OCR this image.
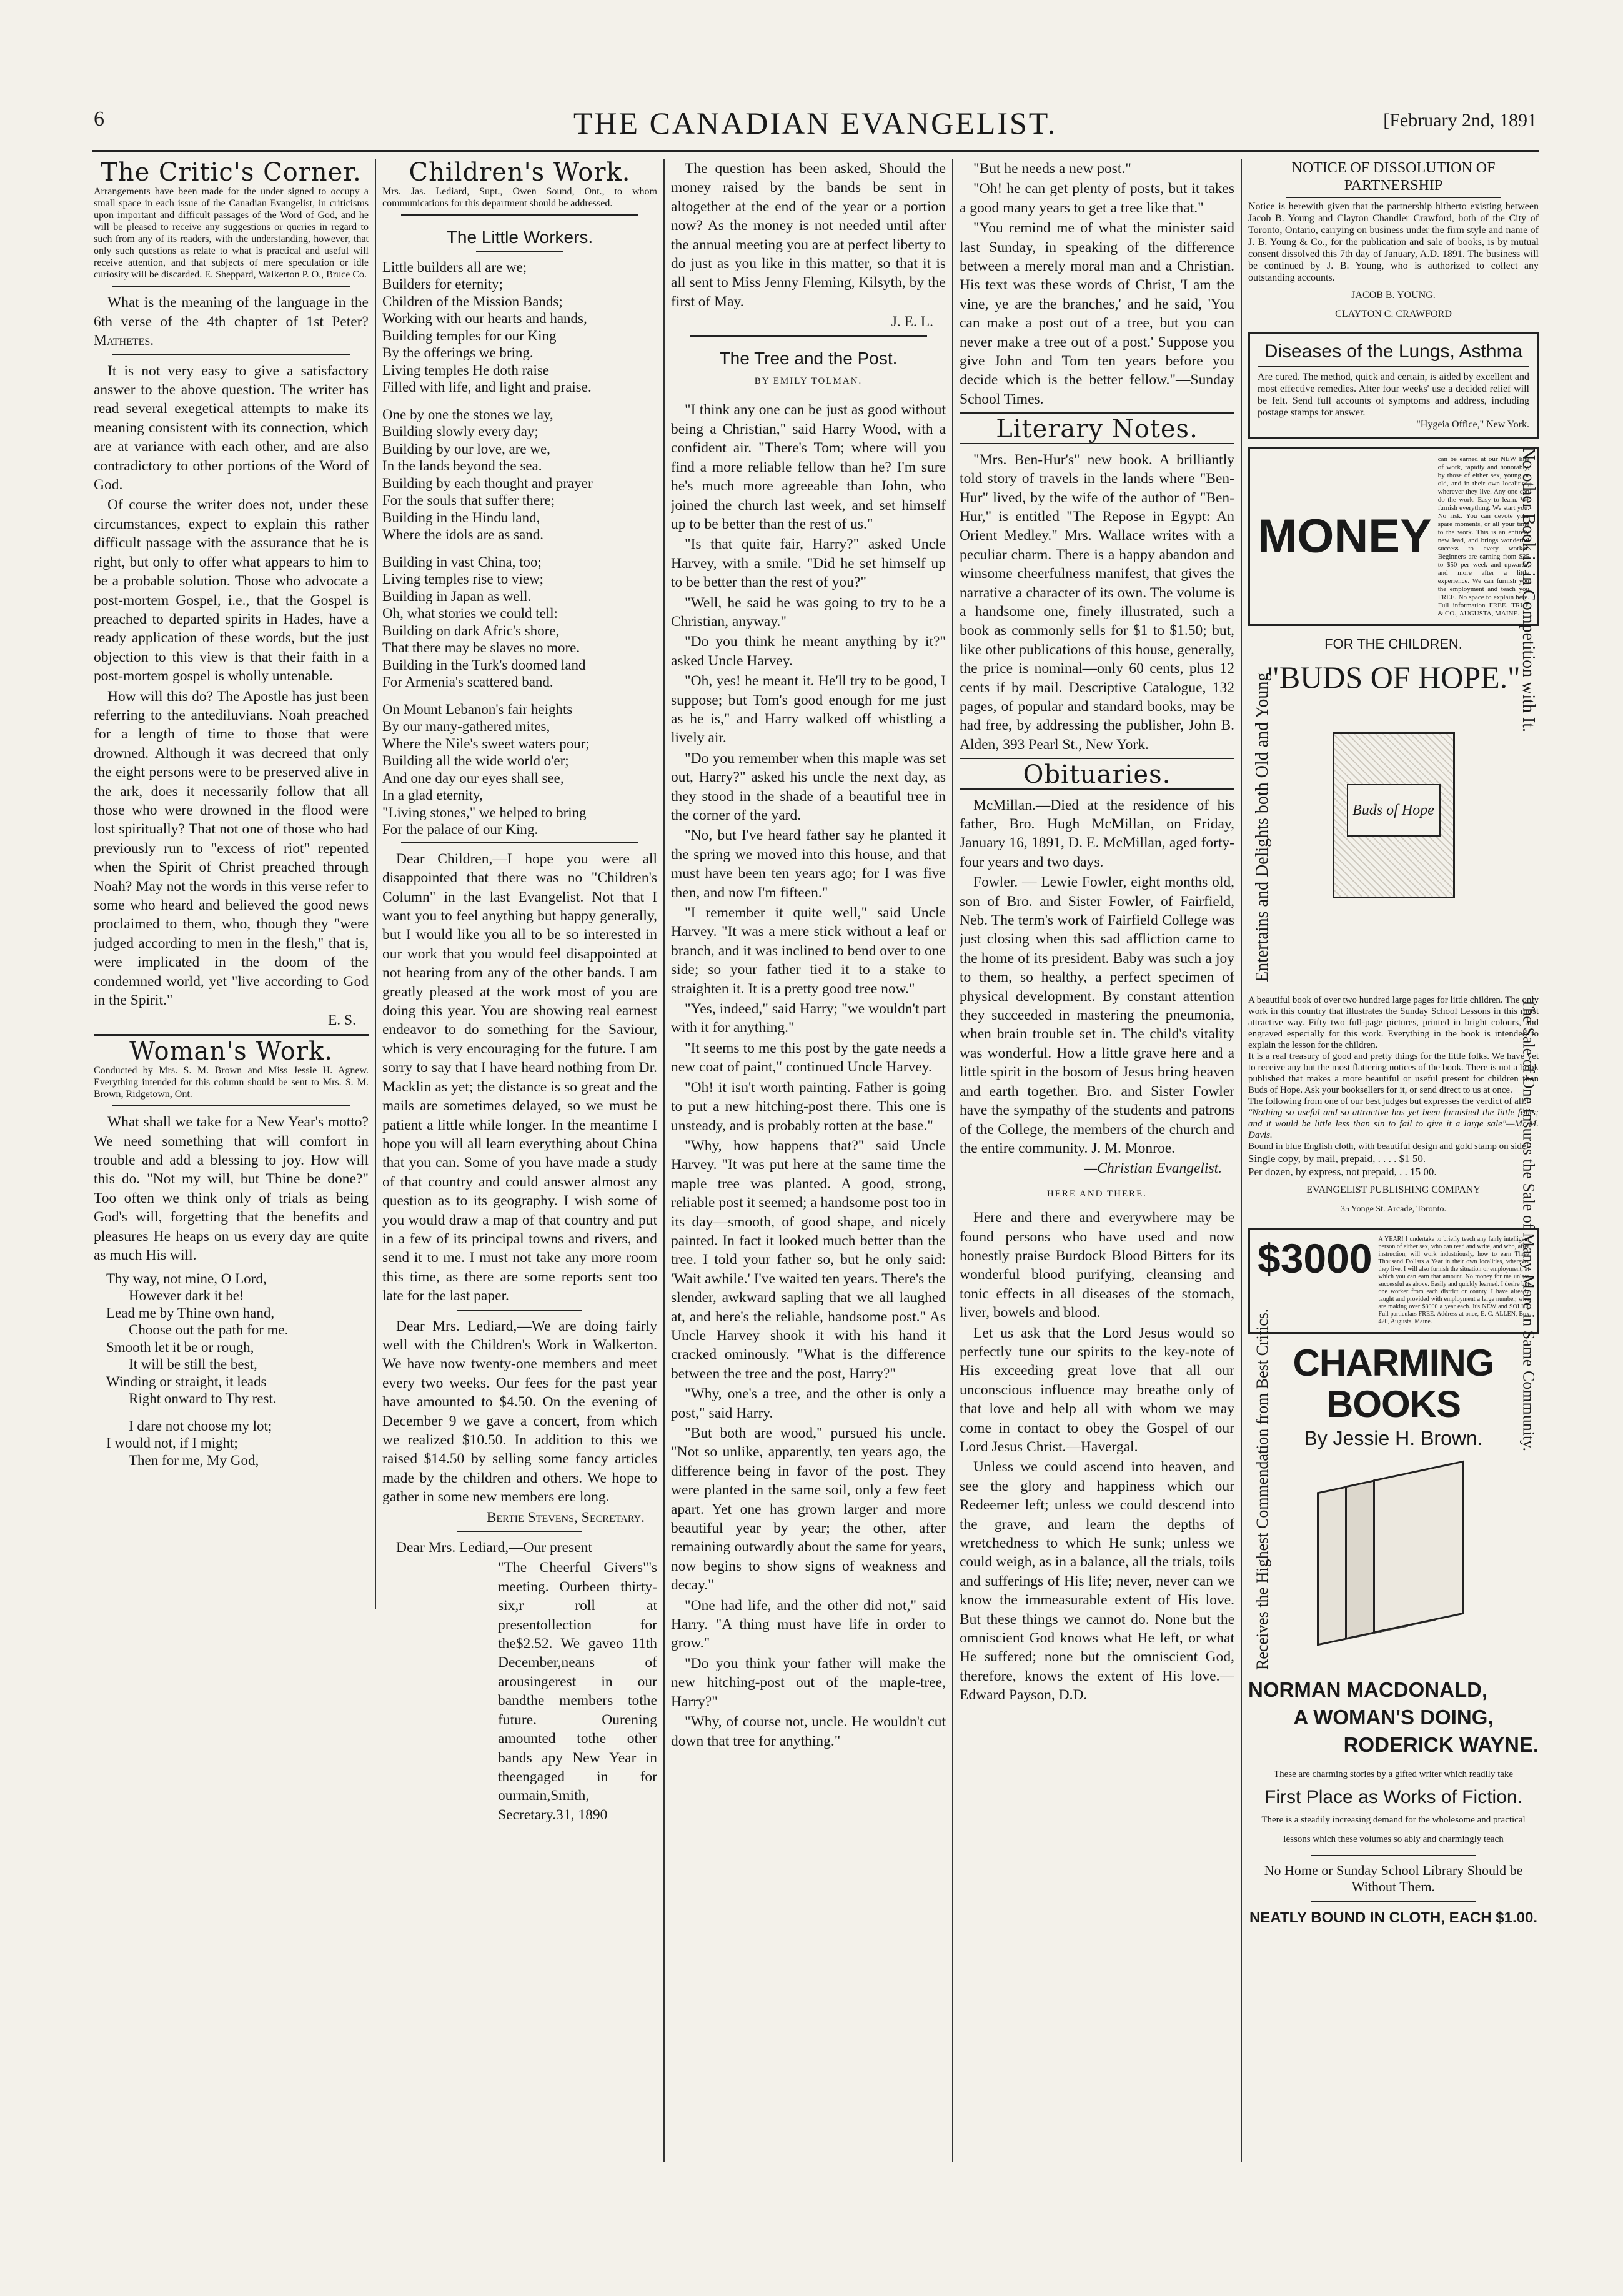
6	THE CANADIAN EVANGELIST.	[February 2nd, 1891
The Critic's Corner.
Arrangements have been made for the under signed to occupy a small space in each issue of the Canadian Evangelist, in criticisms upon important and difficult passages of the Word of God, and he will be pleased to receive any suggestions or queries in regard to such from any of its readers, with the understanding, however, that only such questions as relate to what is practical and useful will receive attention, and that subjects of mere speculation or idle curiosity will be discarded. E. Sheppard, Walkerton P. O., Bruce Co.

What is the meaning of the language in the 6th verse of the 4th chapter of 1st Peter? Mathetes.

It is not very easy to give a satisfactory answer to the above question. The writer has read several exegetical attempts to make its meaning consistent with its connection, which are at variance with each other, and are also contradictory to other portions of the Word of God.

Of course the writer does not, under these circumstances, expect to explain this rather difficult passage with the assurance that he is right, but only to offer what appears to him to be a probable solution. Those who advocate a post-mortem Gospel, i.e., that the Gospel is preached to departed spirits in Hades, have a ready application of these words, but the just objection to this view is that their faith in a post-mortem gospel is wholly untenable.

How will this do? The Apostle has just been referring to the antediluvians. Noah preached for a length of time to those that were drowned. Although it was decreed that only the eight persons were to be preserved alive in the ark, does it necessarily follow that all those who were drowned in the flood were lost spiritually? That not one of those who had previously run to "excess of riot" repented when the Spirit of Christ preached through Noah? May not the words in this verse refer to some who heard and believed the good news proclaimed to them, who, though they "were judged according to men in the flesh," that is, were implicated in the doom of the condemned world, yet "live according to God in the Spirit."

E. S.
Woman's Work.
Conducted by Mrs. S. M. Brown and Miss Jessie H. Agnew. Everything intended for this column should be sent to Mrs. S. M. Brown, Ridgetown, Ont.

What shall we take for a New Year's motto? We need something that will comfort in trouble and add a blessing to joy. How will this do. "Not my will, but Thine be done?" Too often we think only of trials as being God's will, forgetting that the benefits and pleasures He heaps on us every day are quite as much His will.

Thy way, not mine, O Lord,
However dark it be!
Lead me by Thine own hand,
Choose out the path for me.
Smooth let it be or rough,
It will be still the best,
Winding or straight, it leads
Right onward to Thy rest.
I dare not choose my lot;
I would not, if I might;
Then for me, My God,
Children's Work.
Mrs. Jas. Lediard, Supt., Owen Sound, Ont., to whom communications for this department should be addressed.
The Little Workers.
Little builders all are we;
Builders for eternity;
Children of the Mission Bands;
Working with our hearts and hands,
Building temples for our King
By the offerings we bring.
Living temples He doth raise
Filled with life, and light and praise.
One by one the stones we lay,
Building slowly every day;
Building by our love, are we,
In the lands beyond the sea.
Building by each thought and prayer
For the souls that suffer there;
Building in the Hindu land,
Where the idols are as sand.
Building in vast China, too;
Living temples rise to view;
Building in Japan as well.
Oh, what stories we could tell:
Building on dark Afric's shore,
That there may be slaves no more.
Building in the Turk's doomed land
For Armenia's scattered band.
On Mount Lebanon's fair heights
By our many-gathered mites,
Where the Nile's sweet waters pour;
Building all the wide world o'er;
And one day our eyes shall see,
In a glad eternity,
"Living stones," we helped to bring
For the palace of our King.

Dear Children,—I hope you were all disappointed that there was no "Children's Column" in the last Evangelist. Not that I want you to feel anything but happy generally, but I would like you all to be so interested in our work that you would feel disappointed at not hearing from any of the other bands. I am greatly pleased at the work most of you are doing this year. You are showing real earnest endeavor to do something for the Saviour, which is very encouraging for the future. I am sorry to say that I have heard nothing from Dr. Macklin as yet; the distance is so great and the mails are sometimes delayed, so we must be patient a little while longer. In the meantime I hope you will all learn everything about China that you can. Some of you have made a study of that country and could answer almost any question as to its geography. I wish some of you would draw a map of that country and put in a few of its principal towns and rivers, and send it to me. I must not take any more room this time, as there are some reports sent too late for the last paper.

Dear Mrs. Lediard,—We are doing fairly well with the Children's Work in Walkerton. We have now twenty-one members and meet every two weeks. Our fees for the past year have amounted to $4.50. On the evening of December 9 we gave a concert, from which we realized $10.50. In addition to this we raised $14.50 by selling some fancy articles made by the children and others. We hope to gather in some new members ere long.

Bertie Stevens, Secretary.

Dear Mrs. Lediard,—Our present

"The Cheerful Givers"'s meeting. Ourbeen thirty-six,r roll at presentollection for the$2.52. We gaveo 11th December,neans of arousingerest in our bandthe members tothe future. Ourening amounted tothe other bands apy New Year in theengaged in for ourmain,Smith, Secretary.31, 1890

The question has been asked, Should the money raised by the bands be sent in altogether at the end of the year or a portion now? As the money is not needed until after the annual meeting you are at perfect liberty to do just as you like in this matter, so that it is all sent to Miss Jenny Fleming, Kilsyth, by the first of May.

J. E. L.
The Tree and the Post.
BY EMILY TOLMAN.

"I think any one can be just as good without being a Christian," said Harry Wood, with a confident air. "There's Tom; where will you find a more reliable fellow than he? I'm sure he's much more agreeable than John, who joined the church last week, and set himself up to be better than the rest of us."

"Is that quite fair, Harry?" asked Uncle Harvey, with a smile. "Did he set himself up to be better than the rest of you?"

"Well, he said he was going to try to be a Christian, anyway."

"Do you think he meant anything by it?" asked Uncle Harvey.

"Oh, yes! he meant it. He'll try to be good, I suppose; but Tom's good enough for me just as he is," and Harry walked off whistling a lively air.

"Do you remember when this maple was set out, Harry?" asked his uncle the next day, as they stood in the shade of a beautiful tree in the corner of the yard.

"No, but I've heard father say he planted it the spring we moved into this house, and that must have been ten years ago; for I was five then, and now I'm fifteen."

"I remember it quite well," said Uncle Harvey. "It was a mere stick without a leaf or branch, and it was inclined to bend over to one side; so your father tied it to a stake to straighten it. It is a pretty good tree now."

"Yes, indeed," said Harry; "we wouldn't part with it for anything."

"It seems to me this post by the gate needs a new coat of paint," continued Uncle Harvey.

"Oh! it isn't worth painting. Father is going to put a new hitching-post there. This one is unsteady, and is probably rotten at the base."

"Why, how happens that?" said Uncle Harvey. "It was put here at the same time the maple tree was planted. A good, strong, reliable post it seemed; a handsome post too in its day—smooth, of good shape, and nicely painted. In fact it looked much better than the tree. I told your father so, but he only said: 'Wait awhile.' I've waited ten years. There's the slender, awkward sapling that we all laughed at, and here's the reliable, handsome post." As Uncle Harvey shook it with his hand it cracked ominously. "What is the difference between the tree and the post, Harry?"

"Why, one's a tree, and the other is only a post," said Harry.

"But both are wood," pursued his uncle. "Not so unlike, apparently, ten years ago, the difference being in favor of the post. They were planted in the same soil, only a few feet apart. Yet one has grown larger and more beautiful year by year; the other, after remaining outwardly about the same for years, now begins to show signs of weakness and decay."

"One had life, and the other did not," said Harry. "A thing must have life in order to grow."

"Do you think your father will make the new hitching-post out of the maple-tree, Harry?"

"Why, of course not, uncle. He wouldn't cut down that tree for anything."

"But he needs a new post."

"Oh! he can get plenty of posts, but it takes a good many years to get a tree like that."

"You remind me of what the minister said last Sunday, in speaking of the difference between a merely moral man and a Christian. His text was these words of Christ, 'I am the vine, ye are the branches,' and he said, 'You can make a post out of a tree, but you can never make a tree out of a post.' Suppose you give John and Tom ten years before you decide which is the better fellow."—Sunday School Times.

Literary Notes.

"Mrs. Ben-Hur's" new book. A brilliantly told story of travels in the lands where "Ben-Hur" lived, by the wife of the author of "Ben-Hur," is entitled "The Repose in Egypt: An Orient Medley." Mrs. Wallace writes with a peculiar charm. There is a happy abandon and winsome cheerfulness manifest, that gives the narrative a character of its own. The volume is a handsome one, finely illustrated, such a book as commonly sells for $1 to $1.50; but, like other publications of this house, generally, the price is nominal—only 60 cents, plus 12 cents if by mail. Descriptive Catalogue, 132 pages, of popular and standard books, may be had free, by addressing the publisher, John B. Alden, 393 Pearl St., New York.

Obituaries.

McMillan.—Died at the residence of his father, Bro. Hugh McMillan, on Friday, January 16, 1891, D. E. McMillan, aged forty-four years and two days.

Fowler. — Lewie Fowler, eight months old, son of Bro. and Sister Fowler, of Fairfield, Neb. The term's work of Fairfield College was just closing when this sad affliction came to the home of its president. Baby was such a joy to them, so healthy, a perfect specimen of physical development. By constant attention they succeeded in mastering the pneumonia, when brain trouble set in. The child's vitality was wonderful. How a little grave here and a little spirit in the bosom of Jesus bring heaven and earth together. Bro. and Sister Fowler have the sympathy of the students and patrons of the College, the members of the church and the entire community. J. M. Monroe.

—Christian Evangelist.
HERE AND THERE.

Here and there and everywhere may be found persons who have used and now honestly praise Burdock Blood Bitters for its wonderful blood purifying, cleansing and tonic effects in all diseases of the stomach, liver, bowels and blood.

Let us ask that the Lord Jesus would so perfectly tune our spirits to the key-note of His exceeding great love that all our unconscious influence may breathe only of that love and help all with whom we may come in contact to obey the Gospel of our Lord Jesus Christ.—Havergal.

Unless we could ascend into heaven, and see the glory and happiness which our Redeemer left; unless we could descend into the grave, and learn the depths of wretchedness to which He sunk; unless we could weigh, as in a balance, all the trials, toils and sufferings of His life; never, never can we know the immeasurable extent of His love. But these things we cannot do. None but the omniscient God knows what He left, or what He suffered; none but the omniscient God, therefore, knows the extent of His love.—Edward Payson, D.D.

NOTICE OF DISSOLUTION OF PARTNERSHIP
Notice is herewith given that the partnership hitherto existing between Jacob B. Young and Clayton Chandler Crawford, both of the City of Toronto, Ontario, carrying on business under the firm style and name of J. B. Young & Co., for the publication and sale of books, is by mutual consent dissolved this 7th day of January, A.D. 1891. The business will be continued by J. B. Young, who is authorized to collect any outstanding accounts.
JACOB B. YOUNG.
CLAYTON C. CRAWFORD
Diseases of the Lungs, Asthma
Are cured. The method, quick and certain, is aided by excellent and most effective remedies. After four weeks' use a decided relief will be felt. Send full accounts of symptoms and address, including postage stamps for answer.
"Hygeia Office," New York.
MONEY
can be earned at our NEW line of work, rapidly and honorably, by those of either sex, young or old, and in their own localities, wherever they live. Any one can do the work. Easy to learn. We furnish everything. We start you. No risk. You can devote your spare moments, or all your time to the work. This is an entirely new lead, and brings wonderful success to every worker. Beginners are earning from $25 to $50 per week and upwards, and more after a little experience. We can furnish you the employment and teach you FREE. No space to explain here. Full information FREE. TRUE & CO., AUGUSTA, MAINE.
FOR THE CHILDREN.
"BUDS OF HOPE."
Entertains and Delights both Old and Young
No other Book is in Competition with It.
Buds of Hope
A beautiful book of over two hundred large pages for little children. The only work in this country that illustrates the Sunday School Lessons in this most attractive way. Fifty two full-page pictures, printed in bright colours, and engraved especially for this work. Everything in the book is intended to explain the lesson for the children.
It is a real treasury of good and pretty things for the little folks. We have yet to receive any but the most flattering notices of the book. There is not a book published that makes a more beautiful or useful present for children than Buds of Hope. Ask your booksellers for it, or send direct to us at once.
The following from one of our best judges but expresses the verdict of all:
"Nothing so useful and so attractive has yet been furnished the little folks; and it would be little less than sin to fail to give it a large sale"—M. M. Davis.
Bound in blue English cloth, with beautiful design and gold stamp on side.
Single copy, by mail, prepaid, . . . . $1 50.
Per dozen, by express, not prepaid, . . 15 00.
EVANGELIST PUBLISHING COMPANY
35 Yonge St. Arcade, Toronto.
$3000 A YEAR! I undertake to briefly teach any fairly intelligent person of either sex, who can read and write, and who, after instruction, will work industriously, how to earn Three Thousand Dollars a Year in their own localities, wherever they live. I will also furnish the situation or employment, at which you can earn that amount. No money for me unless successful as above. Easily and quickly learned. I desire but one worker from each district or county. I have already taught and provided with employment a large number, who are making over $3000 a year each. It's NEW and SOLID. Full particulars FREE. Address at once, E. C. ALLEN, Box 420, Augusta, Maine.
CHARMING BOOKS
By Jessie H. Brown.
Receives the Highest Commendation from Best Critics.
The Sale of One Insures the Sale of Many More in Same Community.
NORMAN MACDONALD,
A WOMAN'S DOING,
RODERICK WAYNE.
These are charming stories by a gifted writer which readily take
First Place as Works of Fiction.
There is a steadily increasing demand for the wholesome and practical lessons which these volumes so ably and charmingly teach
No Home or Sunday School Library Should be Without Them.
NEATLY BOUND IN CLOTH, EACH $1.00.
